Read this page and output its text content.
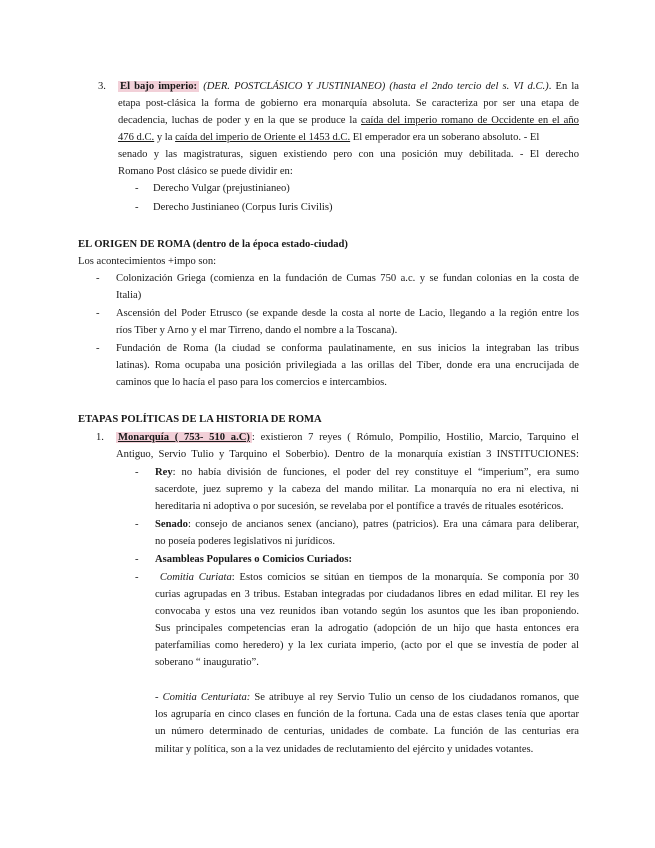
3. El bajo imperio: (DER. POSTCLÁSICO Y JUSTINIANEO) (hasta el 2ndo tercio del s. VI d.C.). En la
etapa post-clásica la forma de gobierno era monarquía absoluta. Se caracteriza por ser una etapa de
decadencia, luchas de poder y en la que se produce la caída del imperio romano de Occidente en el año
476 d.C. y la caída del imperio de Oriente el 1453 d.C. El emperador era un soberano absoluto. - El
senado y las magistraturas, siguen existiendo pero con una posición muy debilitada. - El derecho
Romano Post clásico se puede dividir en:
- Derecho Vulgar (prejustinianeo)
- Derecho Justinianeo (Corpus Iuris Civilis)
EL ORIGEN DE ROMA (dentro de la época estado-ciudad)
Los acontecimientos +impo son:
- Colonización Griega (comienza en la fundación de Cumas 750 a.c. y se fundan colonias en la costa de
Italia)
- Ascensión del Poder Etrusco (se expande desde la costa al norte de Lacio, llegando a la región entre los
ríos Tiber y Arno y el mar Tirreno, dando el nombre a la Toscana).
- Fundación de Roma (la ciudad se conforma paulatinamente, en sus inicios la integraban las tribus
latinas). Roma ocupaba una posición privilegiada a las orillas del Tíber, donde era una encrucijada de
caminos que lo hacía el paso para los comercios e intercambios.
ETAPAS POLÍTICAS DE LA HISTORIA DE ROMA
1. Monarquía ( 753- 510 a.C) : existieron 7 reyes ( Rómulo, Pompilio, Hostilio, Marcio, Tarquino el
Antiguo, Servio Tulio y Tarquino el Soberbio). Dentro de la monarquía existían 3 INSTITUCIONES:
- Rey: no había división de funciones, el poder del rey constituye el “imperium”, era sumo
sacerdote, juez supremo y la cabeza del mando militar. La monarquía no era ni electiva, ni
hereditaria ni adoptiva o por sucesión, se revelaba por el pontífice a través de rituales esotéricos.
- Senado: consejo de ancianos senex (anciano), patres (patricios). Era una cámara para deliberar,
no poseía poderes legislativos ni jurídicos.
- Asambleas Populares o Comicios Curiados:
-	Comitia Curiata: Estos comicios se sitúan en tiempos de la monarquía. Se componía por 30
curias agrupadas en 3 tribus. Estaban integradas por ciudadanos libres en edad militar. El rey les
convocaba y estos una vez reunidos iban votando según los asuntos que les iban proponiendo.
Sus principales competencias eran la adrogatio (adopción de un hijo que hasta entonces era
paterfamilias como heredero) y la lex curiata imperio, (acto por el que se investía de poder al
soberano “ inauguratio”.
- Comitia Centuriata: Se atribuye al rey Servio Tulio un censo de los ciudadanos romanos, que
los agruparía en cinco clases en función de la fortuna. Cada una de estas clases tenía que aportar
un número determinado de centurias, unidades de combate. La función de las centurias era
militar y política, son a la vez unidades de reclutamiento del ejército y unidades votantes.
